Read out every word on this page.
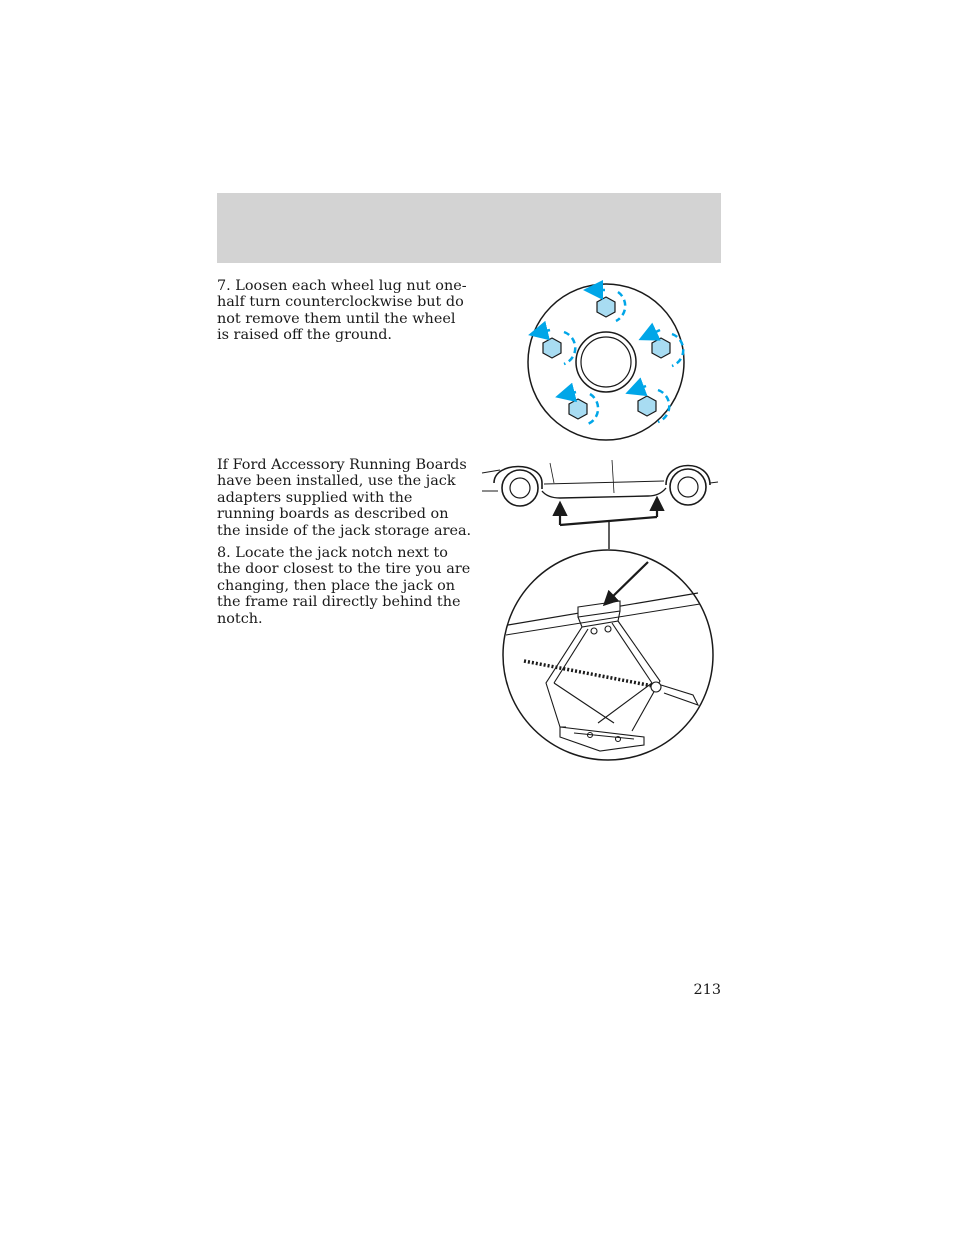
7. Loosen each wheel lug nut one-half turn counterclockwise but do not remove them until the wheel is raised off the ground.

If Ford Accessory Running Boards have been installed, use the jack adapters supplied with the running boards as described on the inside of the jack storage area.

8. Locate the jack notch next to the door closest to the tire you are changing, then place the jack on the frame rail directly behind the notch.

213
